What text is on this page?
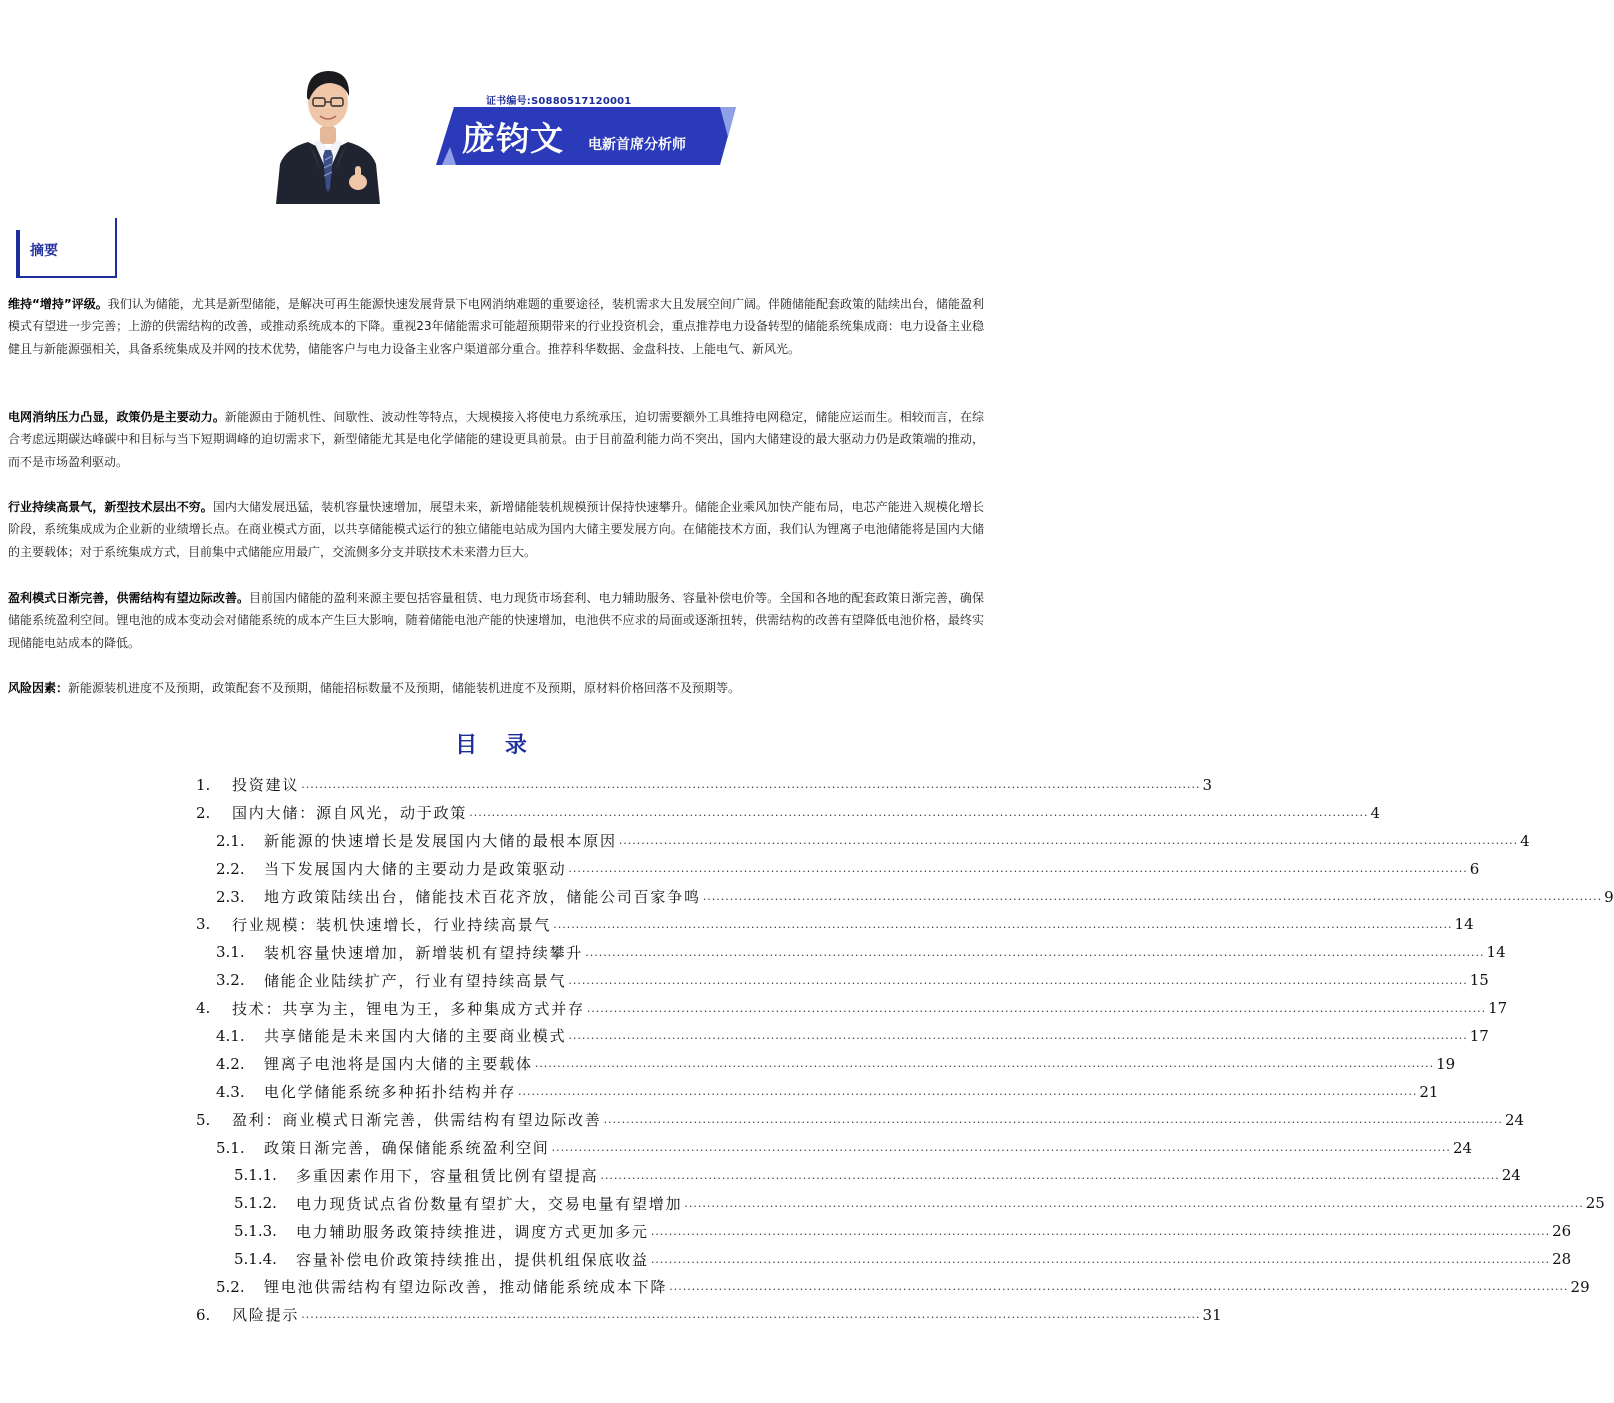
证书编号:S0880517120001
庞钧文 电新首席分析师
摘要

维持“增持”评级。我们认为储能，尤其是新型储能，是解决可再生能源快速发展背景下电网消纳难题的重要途径，装机需求大且发展空间广阔。伴随储能配套政策的陆续出台，储能盈利模式有望进一步完善；上游的供需结构的改善，或推动系统成本的下降。重视23年储能需求可能超预期带来的行业投资机会，重点推荐电力设备转型的储能系统集成商：电力设备主业稳健且与新能源强相关，具备系统集成及并网的技术优势，储能客户与电力设备主业客户渠道部分重合。推荐科华数据、金盘科技、上能电气、新风光。

电网消纳压力凸显，政策仍是主要动力。新能源由于随机性、间歇性、波动性等特点，大规模接入将使电力系统承压，迫切需要额外工具维持电网稳定，储能应运而生。相较而言，在综合考虑远期碳达峰碳中和目标与当下短期调峰的迫切需求下，新型储能尤其是电化学储能的建设更具前景。由于目前盈利能力尚不突出，国内大储建设的最大驱动力仍是政策端的推动，而不是市场盈利驱动。

行业持续高景气，新型技术层出不穷。国内大储发展迅猛，装机容量快速增加，展望未来，新增储能装机规模预计保持快速攀升。储能企业乘风加快产能布局，电芯产能进入规模化增长阶段，系统集成成为企业新的业绩增长点。在商业模式方面，以共享储能模式运行的独立储能电站成为国内大储主要发展方向。在储能技术方面，我们认为锂离子电池储能将是国内大储的主要载体；对于系统集成方式，目前集中式储能应用最广，交流侧多分支并联技术未来潜力巨大。

盈利模式日渐完善，供需结构有望边际改善。目前国内储能的盈利来源主要包括容量租赁、电力现货市场套利、电力辅助服务、容量补偿电价等。全国和各地的配套政策日渐完善，确保储能系统盈利空间。锂电池的成本变动会对储能系统的成本产生巨大影响，随着储能电池产能的快速增加，电池供不应求的局面或逐渐扭转，供需结构的改善有望降低电池价格，最终实现储能电站成本的降低。

风险因素：新能源装机进度不及预期，政策配套不及预期，储能招标数量不及预期，储能装机进度不及预期，原材料价格回落不及预期等。

目 录
1.	投资建议 ........................................................................................................................................................................................................ 3
2.	国内大储：源自风光，动于政策 ........................................................................................................................................................................................................ 4
2.1.	新能源的快速增长是发展国内大储的最根本原因 ........................................................................................................................................................................................................ 4
2.2.	当下发展国内大储的主要动力是政策驱动 ........................................................................................................................................................................................................ 6
2.3.	地方政策陆续出台，储能技术百花齐放，储能公司百家争鸣 ........................................................................................................................................................................................................ 9
3.	行业规模：装机快速增长，行业持续高景气 ........................................................................................................................................................................................................ 14
3.1.	装机容量快速增加，新增装机有望持续攀升 ........................................................................................................................................................................................................ 14
3.2.	储能企业陆续扩产，行业有望持续高景气 ........................................................................................................................................................................................................ 15
4.	技术：共享为主，锂电为王，多种集成方式并存 ........................................................................................................................................................................................................ 17
4.1.	共享储能是未来国内大储的主要商业模式 ........................................................................................................................................................................................................ 17
4.2.	锂离子电池将是国内大储的主要载体 ........................................................................................................................................................................................................ 19
4.3.	电化学储能系统多种拓扑结构并存 ........................................................................................................................................................................................................ 21
5.	盈利：商业模式日渐完善，供需结构有望边际改善 ........................................................................................................................................................................................................ 24
5.1.	政策日渐完善，确保储能系统盈利空间 ........................................................................................................................................................................................................ 24
5.1.1.	多重因素作用下，容量租赁比例有望提高 ........................................................................................................................................................................................................ 24
5.1.2.	电力现货试点省份数量有望扩大，交易电量有望增加 ........................................................................................................................................................................................................ 25
5.1.3.	电力辅助服务政策持续推进，调度方式更加多元 ........................................................................................................................................................................................................ 26
5.1.4.	容量补偿电价政策持续推出，提供机组保底收益 ........................................................................................................................................................................................................ 28
5.2.	锂电池供需结构有望边际改善，推动储能系统成本下降 ........................................................................................................................................................................................................ 29
6.	风险提示 ........................................................................................................................................................................................................ 31
